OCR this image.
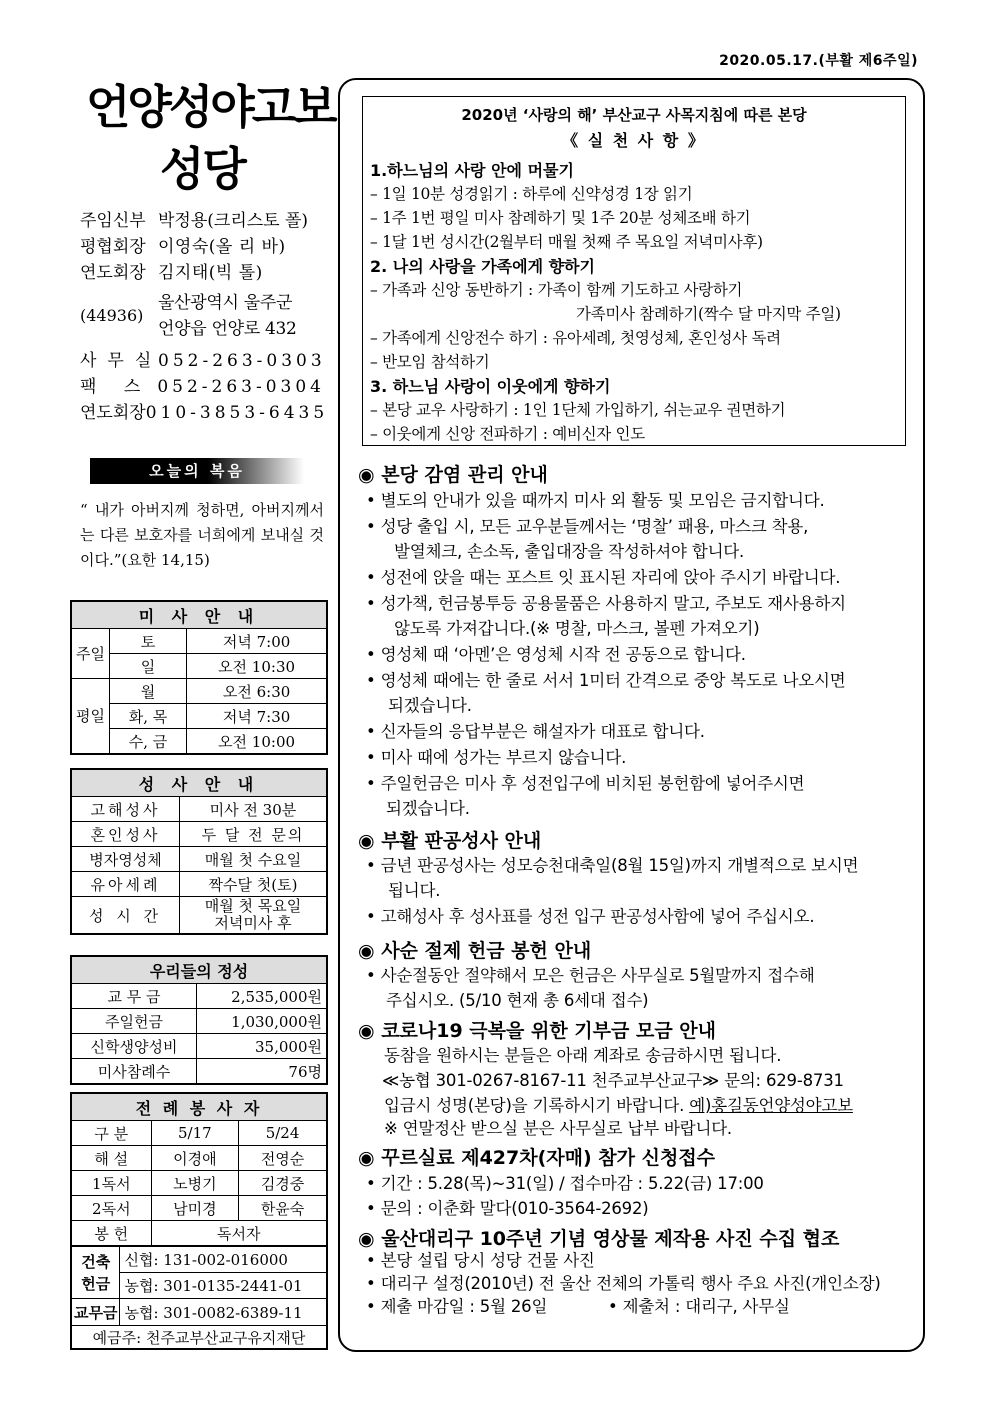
2020.05.17.(부활 제6주일)
언양성야고보
성당
주임신부 박정용(크리스토 폴)
평협회장 이영숙(올 리 바)
연도회장 김지태(빅 톨)
(44936)
울산광역시 울주군
언양읍 언양로 432
사무실
052-263-0303
팩 스 052-263-0304
연도회장 010-3853-6435
오늘의 복음
“ 내가 아버지께 청하면, 아버지께서는 다른 보호자를 너희에게 보내실 것이다.”(요한 14,15)
미 사 안 내		
주일	토	저녁 7:00
	일	오전 10:30
평일	월	오전 6:30
	화, 목	저녁 7:30
	수, 금	오전 10:00
성 사 안 내	
고해성사	미사 전 30분
혼인성사	두 달 전 문의
병자영성체	매월 첫 수요일
유아세례	짝수달 첫(토)
성 시 간	매월 첫 목요일
저녁미사 후
우리들의 정성	
교 무 금	2,535,000원
주일헌금	1,030,000원
신학생양성비	35,000원
미사참례수	76명
전 례 봉 사 자		
구 분	5/17	5/24
해 설	이경애	전영순
1독서	노병기	김경중
2독서	남미경	한윤숙
봉 헌	독서자	
건축
헌금	신협: 131-002-016000
	농협: 301-0135-2441-01
교무금	농협: 301-0082-6389-11
예금주: 천주교부산교구유지재단	
2020년 ‘사랑의 해’ 부산교구 사목지침에 따른 본당
《 실 천 사 항 》
1.하느님의 사랑 안에 머물기
– 1일 10분 성경읽기 : 하루에 신약성경 1장 읽기
– 1주 1번 평일 미사 참례하기 및 1주 20분 성체조배 하기
– 1달 1번 성시간(2월부터 매월 첫째 주 목요일 저녁미사후)
2. 나의 사랑을 가족에게 향하기
– 가족과 신앙 동반하기 : 가족이 함께 기도하고 사랑하기
가족미사 참례하기(짝수 달 마지막 주일)
– 가족에게 신앙전수 하기 : 유아세례, 첫영성체, 혼인성사 독려
– 반모임 참석하기
3. 하느님 사랑이 이웃에게 향하기
– 본당 교우 사랑하기 : 1인 1단체 가입하기, 쉬는교우 권면하기
– 이웃에게 신앙 전파하기 : 예비신자 인도
◉ 본당 감염 관리 안내
• 별도의 안내가 있을 때까지 미사 외 활동 및 모임은 금지합니다.
• 성당 출입 시, 모든 교우분들께서는 ‘명찰’ 패용, 마스크 착용,
발열체크, 손소독, 출입대장을 작성하셔야 합니다.
• 성전에 앉을 때는 포스트 잇 표시된 자리에 앉아 주시기 바랍니다.
• 성가책, 헌금봉투등 공용물품은 사용하지 말고, 주보도 재사용하지
않도록 가져갑니다.(※ 명찰, 마스크, 볼펜 가져오기)
• 영성체 때 ‘아멘’은 영성체 시작 전 공동으로 합니다.
• 영성체 때에는 한 줄로 서서 1미터 간격으로 중앙 복도로 나오시면
되겠습니다.
• 신자들의 응답부분은 해설자가 대표로 합니다.
• 미사 때에 성가는 부르지 않습니다.
• 주일헌금은 미사 후 성전입구에 비치된 봉헌함에 넣어주시면
되겠습니다.
◉ 부활 판공성사 안내
• 금년 판공성사는 성모승천대축일(8월 15일)까지 개별적으로 보시면
됩니다.
• 고해성사 후 성사표를 성전 입구 판공성사함에 넣어 주십시오.
◉ 사순 절제 헌금 봉헌 안내
• 사순절동안 절약해서 모은 헌금은 사무실로 5월말까지 접수해
주십시오. (5/10 현재 총 6세대 접수)
◉ 코로나19 극복을 위한 기부금 모금 안내
동참을 원하시는 분들은 아래 계좌로 송금하시면 됩니다.
≪농협 301-0267-8167-11 천주교부산교구≫ 문의: 629-8731
입금시 성명(본당)을 기록하시기 바랍니다. 예)홍길동언양성야고보
※ 연말정산 받으실 분은 사무실로 납부 바랍니다.
◉ 꾸르실료 제427차(자매) 참가 신청접수
• 기간 : 5.28(목)~31(일) / 접수마감 : 5.22(금) 17:00
• 문의 : 이춘화 말다(010-3564-2692)
◉ 울산대리구 10주년 기념 영상물 제작용 사진 수집 협조
• 본당 설립 당시 성당 건물 사진
• 대리구 설정(2010년) 전 울산 전체의 가톨릭 행사 주요 사진(개인소장)
• 제출 마감일 : 5월 26일	• 제출처 : 대리구, 사무실
